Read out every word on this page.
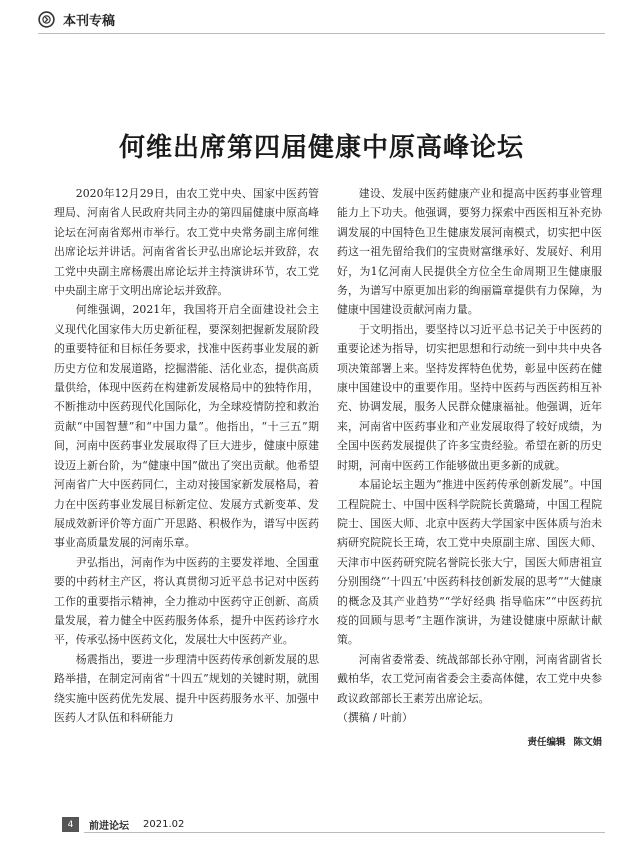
本刊专稿
何维出席第四届健康中原高峰论坛

2020年12月29日，由农工党中央、国家中医药管理局、河南省人民政府共同主办的第四届健康中原高峰论坛在河南省郑州市举行。农工党中央常务副主席何维出席论坛并讲话。河南省省长尹弘出席论坛并致辞，农工党中央副主席杨震出席论坛并主持演讲环节，农工党中央副主席于文明出席论坛并致辞。

何维强调，2021年，我国将开启全面建设社会主义现代化国家伟大历史新征程，要深刻把握新发展阶段的重要特征和目标任务要求，找准中医药事业发展的新历史方位和发展道路，挖掘潜能、活化业态，提供高质量供给，体现中医药在构建新发展格局中的独特作用，不断推动中医药现代化国际化，为全球疫情防控和救治贡献“中国智慧”和“中国力量”。他指出，“十三五”期间，河南中医药事业发展取得了巨大进步，健康中原建设迈上新台阶，为“健康中国”做出了突出贡献。他希望河南省广大中医药同仁，主动对接国家新发展格局，着力在中医药事业发展目标新定位、发展方式新变革、发展成效新评价等方面广开思路、积极作为，谱写中医药事业高质量发展的河南乐章。

尹弘指出，河南作为中医药的主要发祥地、全国重要的中药材主产区，将认真贯彻习近平总书记对中医药工作的重要指示精神，全力推动中医药守正创新、高质量发展，着力健全中医药服务体系，提升中医药诊疗水平，传承弘扬中医药文化，发展壮大中医药产业。

杨震指出，要进一步理清中医药传承创新发展的思路举措，在制定河南省“十四五”规划的关键时期，就围绕实施中医药优先发展、提升中医药服务水平、加强中医药人才队伍和科研能力

建设、发展中医药健康产业和提高中医药事业管理能力上下功夫。他强调，要努力探索中西医相互补充协调发展的中国特色卫生健康发展河南模式，切实把中医药这一祖先留给我们的宝贵财富继承好、发展好、利用好，为1亿河南人民提供全方位全生命周期卫生健康服务，为谱写中原更加出彩的绚丽篇章提供有力保障，为健康中国建设贡献河南力量。

于文明指出，要坚持以习近平总书记关于中医药的重要论述为指导，切实把思想和行动统一到中共中央各项决策部署上来。坚持发挥特色优势，彰显中医药在健康中国建设中的重要作用。坚持中医药与西医药相互补充、协调发展，服务人民群众健康福祉。他强调，近年来，河南省中医药事业和产业发展取得了较好成绩，为全国中医药发展提供了许多宝贵经验。希望在新的历史时期，河南中医药工作能够做出更多新的成就。

本届论坛主题为“推进中医药传承创新发展”。中国工程院院士、中国中医科学院院长黄璐琦，中国工程院院士、国医大师、北京中医药大学国家中医体质与治未病研究院院长王琦，农工党中央原副主席、国医大师、天津市中医药研究院名誉院长张大宁，国医大师唐祖宣分别围绕“‘十四五’中医药科技创新发展的思考”“大健康的概念及其产业趋势”“学好经典 指导临床”“中医药抗疫的回顾与思考”主题作演讲，为建设健康中原献计献策。

河南省委常委、统战部部长孙守刚，河南省副省长戴柏华，农工党河南省委会主委高体健，农工党中央参政议政部部长王素芳出席论坛。

（撰稿 / 叶前）

责任编辑 陈文娟
4	前进论坛 2021.02
